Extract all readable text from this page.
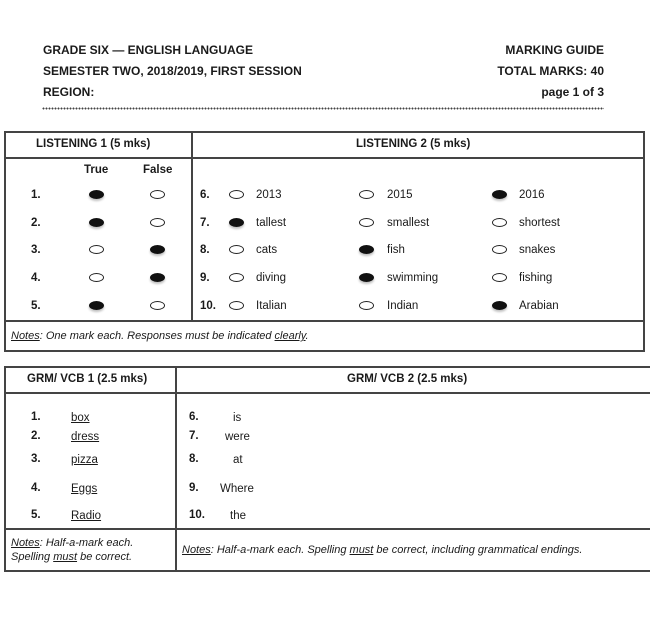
GRADE SIX — ENGLISH LANGUAGE
SEMESTER TWO, 2018/2019, FIRST SESSION
REGION:
MARKING GUIDE
TOTAL MARKS: 40
page 1 of 3
LISTENING 1 (5 mks)	LISTENING 2 (5 mks)
True	False
1.
2.
3.
4.
5.
6.	2013	2015	2016
7.	tallest	smallest	shortest
8.	cats	fish	snakes
9.	diving	swimming	fishing
10.	Italian	Indian	Arabian
Notes: One mark each. Responses must be indicated clearly.
GRM/ VCB 1 (2.5 mks)	GRM/ VCB 2 (2.5 mks)
1.	box
2.	dress
3.	pizza
4.	Eggs
5.	Radio
6.	is
7. were
8.	at
9. Where
10. the
Notes: Half-a-mark each.
Spelling must be correct.
Notes: Half-a-mark each. Spelling must be correct, including grammatical endings.
